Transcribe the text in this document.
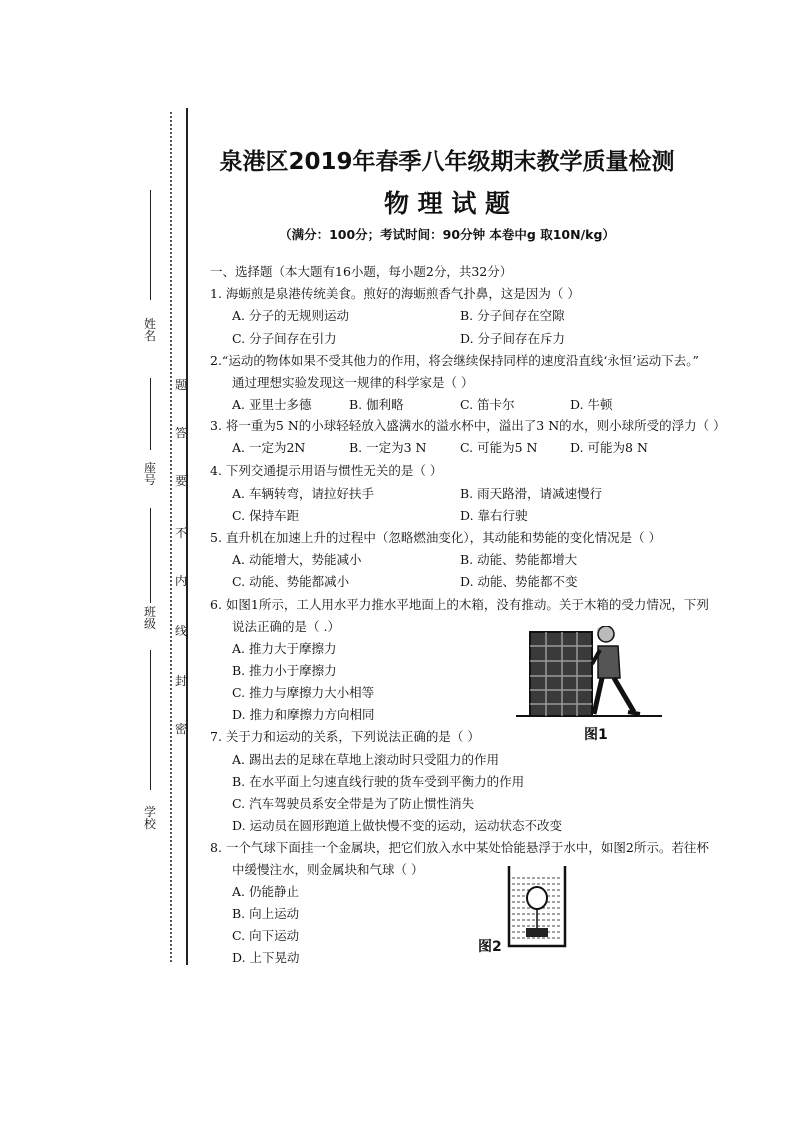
姓名
座号
班级
学校
题
答
要
不
内
线
封
密
泉港区2019年春季八年级期末教学质量检测
物 理 试 题
（满分：100分；考试时间：90分钟 本卷中g 取10N/kg）
一、选择题（本大题有16小题，每小题2分，共32分）
1. 海蛎煎是泉港传统美食。煎好的海蛎煎香气扑鼻，这是因为（ ）
A. 分子的无规则运动	B. 分子间存在空隙
C. 分子间存在引力	D. 分子间存在斥力
2.“运动的物体如果不受其他力的作用，将会继续保持同样的速度沿直线‘永恒’运动下去。”
通过理想实验发现这一规律的科学家是（ ）
A. 亚里士多德	B. 伽利略	C. 笛卡尔	D. 牛顿
3. 将一重为5 N的小球轻轻放入盛满水的溢水杯中，溢出了3 N的水，则小球所受的浮力（ ）
A. 一定为2N	B. 一定为3 N	C. 可能为5 N	D. 可能为8 N
4. 下列交通提示用语与惯性无关的是（ ）
A. 车辆转弯，请拉好扶手	B. 雨天路滑，请减速慢行
C. 保持车距	D. 靠右行驶
5. 直升机在加速上升的过程中（忽略燃油变化），其动能和势能的变化情况是（ ）
A. 动能增大，势能减小	B. 动能、势能都增大
C. 动能、势能都减小	D. 动能、势能都不变
6. 如图1所示，工人用水平力推水平地面上的木箱，没有推动。关于木箱的受力情况，下列
说法正确的是（ .）
A. 推力大于摩擦力
B. 推力小于摩擦力
C. 推力与摩擦力大小相等
D. 推力和摩擦力方向相同
图1
7. 关于力和运动的关系，下列说法正确的是（ ）
A. 踢出去的足球在草地上滚动时只受阻力的作用
B. 在水平面上匀速直线行驶的货车受到平衡力的作用
C. 汽车驾驶员系安全带是为了防止惯性消失
D. 运动员在圆形跑道上做快慢不变的运动，运动状态不改变
8. 一个气球下面挂一个金属块，把它们放入水中某处恰能悬浮于水中，如图2所示。若往杯
中缓慢注水，则金属块和气球（ ）
A. 仍能静止
B. 向上运动
C. 向下运动
D. 上下晃动
图2
